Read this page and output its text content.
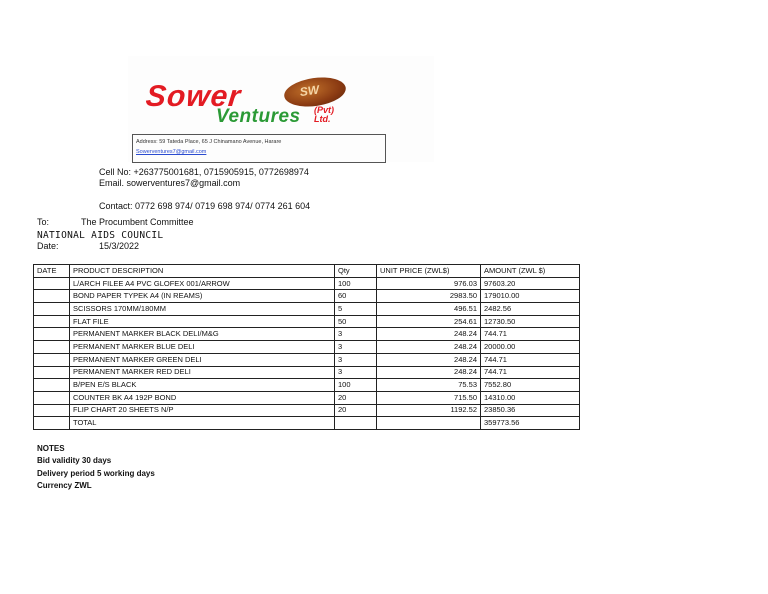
SW
Sower
Ventures (Pvt)
Ltd.
Address: 59 Tateda Place, 65 J Chinamano Avenue, Harare
Sowerventures7@gmail.com
Cell No: +263775001681, 0715905915, 0772698974
Email. sowerventures7@gmail.com
Contact: 0772 698 974/ 0719 698 974/ 0774 261 604
To:	The Procumbent Committee
NATIONAL AIDS COUNCIL
Date:	15/3/2022
DATE	PRODUCT DESCRIPTION	Qty	UNIT PRICE (ZWL$)	AMOUNT (ZWL $)
	L/ARCH FILEE A4 PVC GLOFEX 001/ARROW	100	976.03	97603.20
	BOND PAPER TYPEK A4 (IN REAMS)	60	2983.50	179010.00
	SCISSORS 170MM/180MM	5	496.51	2482.56
	FLAT FILE	50	254.61	12730.50
	PERMANENT MARKER BLACK DELI/M&G	3	248.24	744.71
	PERMANENT MARKER BLUE DELI	3	248.24	20000.00
	PERMANENT MARKER GREEN DELI	3	248.24	744.71
	PERMANENT MARKER RED DELI	3	248.24	744.71
	B/PEN E/S BLACK	100	75.53	7552.80
	COUNTER BK A4 192P BOND	20	715.50	14310.00
	FLIP CHART 20 SHEETS N/P	20	1192.52	23850.36
	TOTAL			359773.56
NOTES
Bid validity 30 days
Delivery period 5 working days
Currency ZWL
